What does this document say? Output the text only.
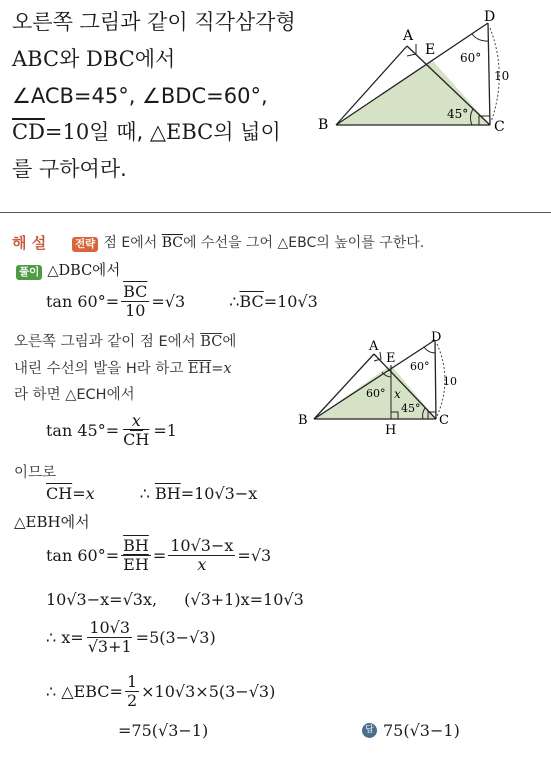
오른쪽 그림과 같이 직각삼각형
ABC와 DBC에서
∠ACB=45°, ∠BDC=60°,
$\overline{CD}=10$일 때, △EBC의 넓이
를 구하여라.
A
B	C
D
E 60°
45°
10
해 설	전략 점 E에서 $\overline{BC}$에 수선을 그어 △EBC의 높이를 구한다.
풀이 △DBC에서
$\tan 60^\circ= \frac{\overline{BC}}{10} =√3$	∴ $\overline{BC} =10√3$
오른쪽 그림과 같이 점 E에서 $\overline{BC}$에
내린 수선의 발을 H라 하고 $\overline{EH}=x$
라 하면 △ECH에서
$\tan 45^\circ= \frac{x}{CH} =1$
이므로
$\overline{CH}=x$	∴ $\overline{BH}=10√3-x$
△EBH에서
$\tan 60^\circ= \frac{\overline{BH}}{EH} = \frac{10√3-x}{x} =√3$
10√3−x=√3x, (√3+1)x=10√3
∴ $x= \frac{10√3}{√3+1} =5(3-√3)$
∴ △EBC= $\frac{1}{2} \times 10√3\times 5(3-√3)$
=75(√3−1)	답 75(√3−1)
A
B	C
D
E
H
60°
60°
45°
x
10
